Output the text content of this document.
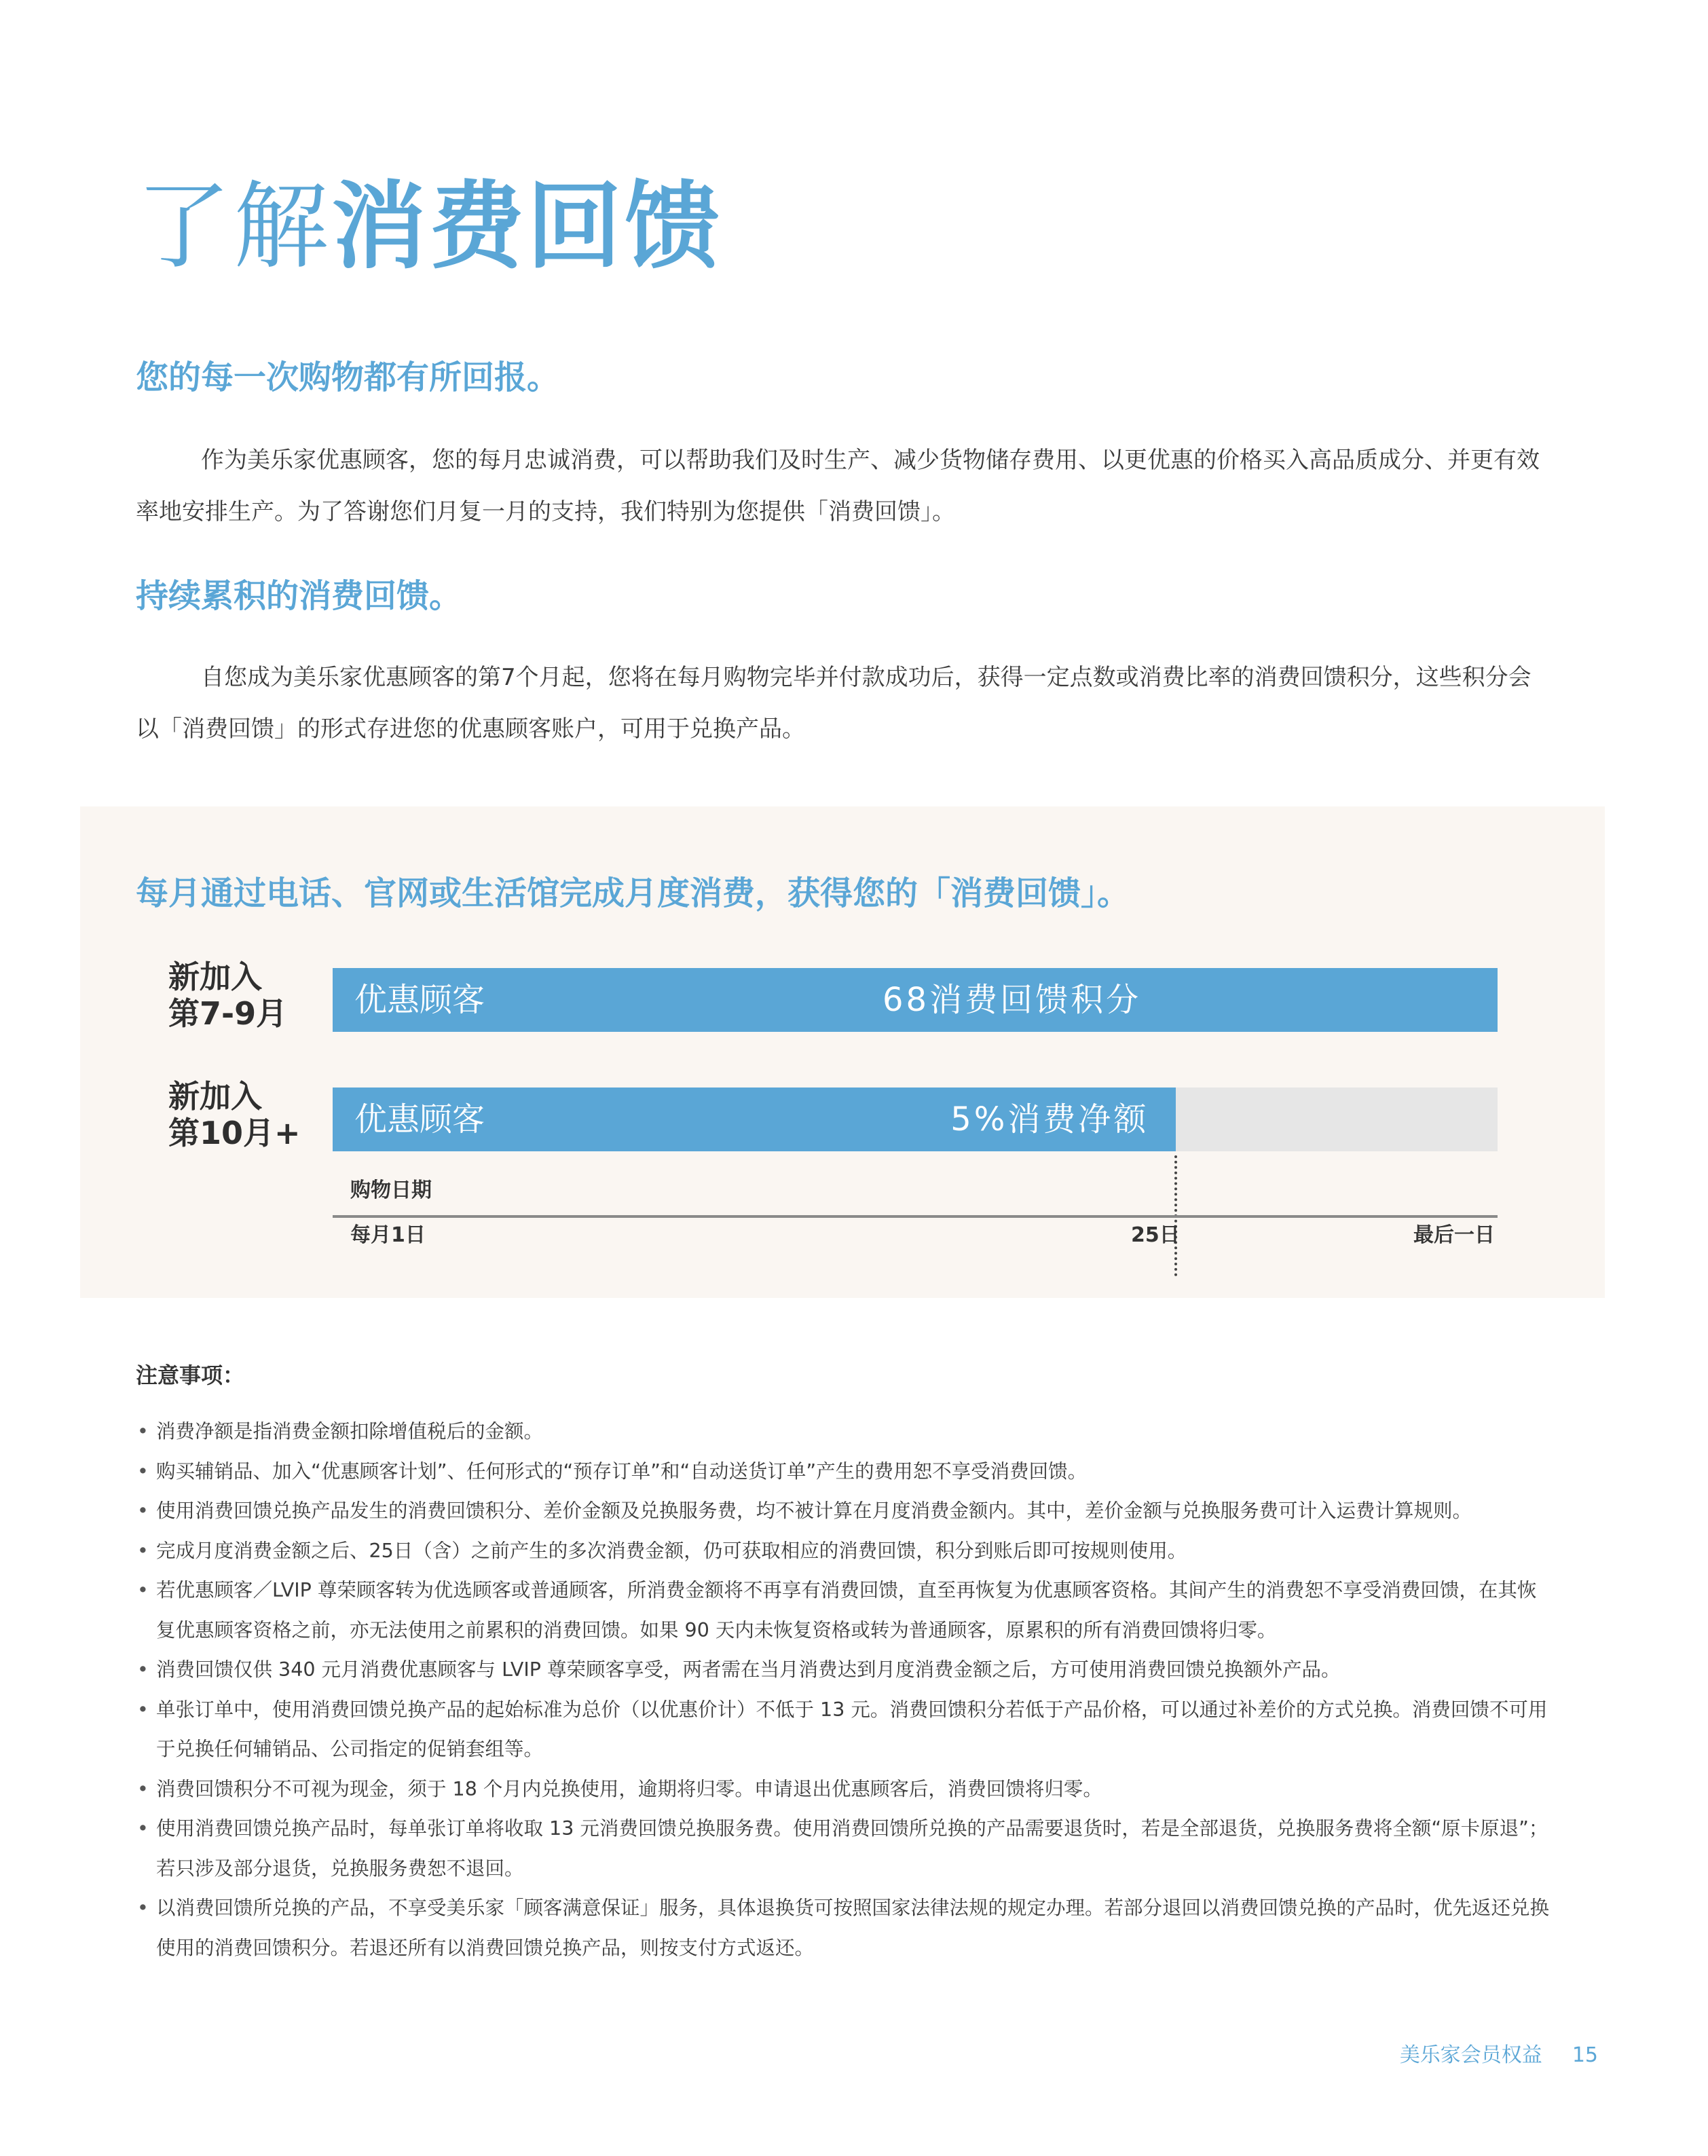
了解消费回馈
您的每一次购物都有所回报。

作为美乐家优惠顾客，您的每月忠诚消费，可以帮助我们及时生产、减少货物储存费用、以更优惠的价格买入高品质成分、并更有效率地安排生产。为了答谢您们月复一月的支持，我们特别为您提供「消费回馈」。

持续累积的消费回馈。

自您成为美乐家优惠顾客的第7个月起，您将在每月购物完毕并付款成功后，获得一定点数或消费比率的消费回馈积分，这些积分会以「消费回馈」的形式存进您的优惠顾客账户，可用于兑换产品。

每月通过电话、官网或生活馆完成月度消费，获得您的「消费回馈」。
新加入
第7-9月	优惠顾客	68消费回馈积分
新加入
第10月+	优惠顾客	5%消费净额
购物日期
每月1日	25日	最后一日
注意事项：
• 消费净额是指消费金额扣除增值税后的金额。
• 购买辅销品、加入“优惠顾客计划”、任何形式的“预存订单”和“自动送货订单”产生的费用恕不享受消费回馈。
• 使用消费回馈兑换产品发生的消费回馈积分、差价金额及兑换服务费，均不被计算在月度消费金额内。其中，差价金额与兑换服务费可计入运费计算规则。
• 完成月度消费金额之后、25日（含）之前产生的多次消费金额，仍可获取相应的消费回馈，积分到账后即可按规则使用。
• 若优惠顾客／LVIP 尊荣顾客转为优选顾客或普通顾客，所消费金额将不再享有消费回馈，直至再恢复为优惠顾客资格。其间产生的消费恕不享受消费回馈，在其恢复优惠顾客资格之前，亦无法使用之前累积的消费回馈。如果 90 天内未恢复资格或转为普通顾客，原累积的所有消费回馈将归零。
• 消费回馈仅供 340 元月消费优惠顾客与 LVIP 尊荣顾客享受，两者需在当月消费达到月度消费金额之后，方可使用消费回馈兑换额外产品。
• 单张订单中，使用消费回馈兑换产品的起始标准为总价（以优惠价计）不低于 13 元。消费回馈积分若低于产品价格，可以通过补差价的方式兑换。消费回馈不可用于兑换任何辅销品、公司指定的促销套组等。
• 消费回馈积分不可视为现金，须于 18 个月内兑换使用，逾期将归零。申请退出优惠顾客后，消费回馈将归零。
• 使用消费回馈兑换产品时，每单张订单将收取 13 元消费回馈兑换服务费。使用消费回馈所兑换的产品需要退货时，若是全部退货，兑换服务费将全额“原卡原退”；若只涉及部分退货，兑换服务费恕不退回。
• 以消费回馈所兑换的产品，不享受美乐家「顾客满意保证」服务，具体退换货可按照国家法律法规的规定办理。若部分退回以消费回馈兑换的产品时，优先返还兑换使用的消费回馈积分。若退还所有以消费回馈兑换产品，则按支付方式返还。
美乐家会员权益 15
